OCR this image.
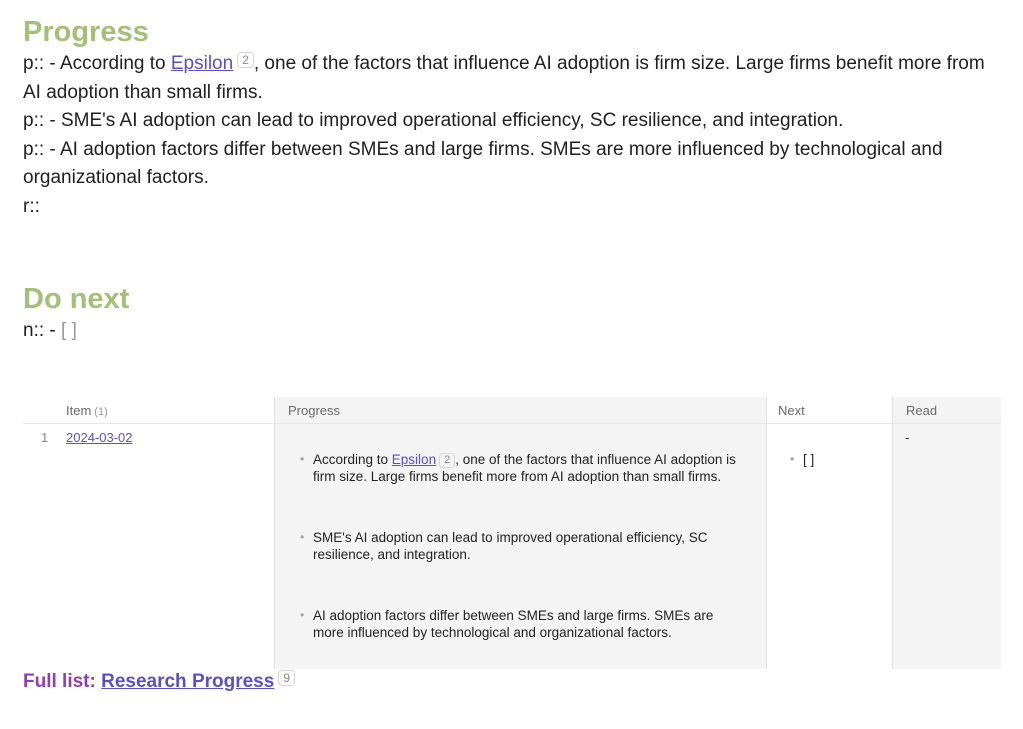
Progress

p:: - According to Epsilon 2 , one of the factors that influence AI adoption is firm size. Large firms benefit more from AI adoption than small firms.

p:: - SME's AI adoption can lead to improved operational efficiency, SC resilience, and integration.

p:: - AI adoption factors differ between SMEs and large firms. SMEs are more influenced by technological and organizational factors.

r::

Do next

n:: - [ ]

1
Item (1)
2024-03-02
Progress
• According to Epsilon 2 , one of the factors that influence AI adoption is firm size. Large firms benefit more from AI adoption than small firms.
• SME's AI adoption can lead to improved operational efficiency, SC resilience, and integration.
• AI adoption factors differ between SMEs and large firms. SMEs are more influenced by technological and organizational factors.
Next
• [ ]
Read
-
Full list: Research Progress 9
